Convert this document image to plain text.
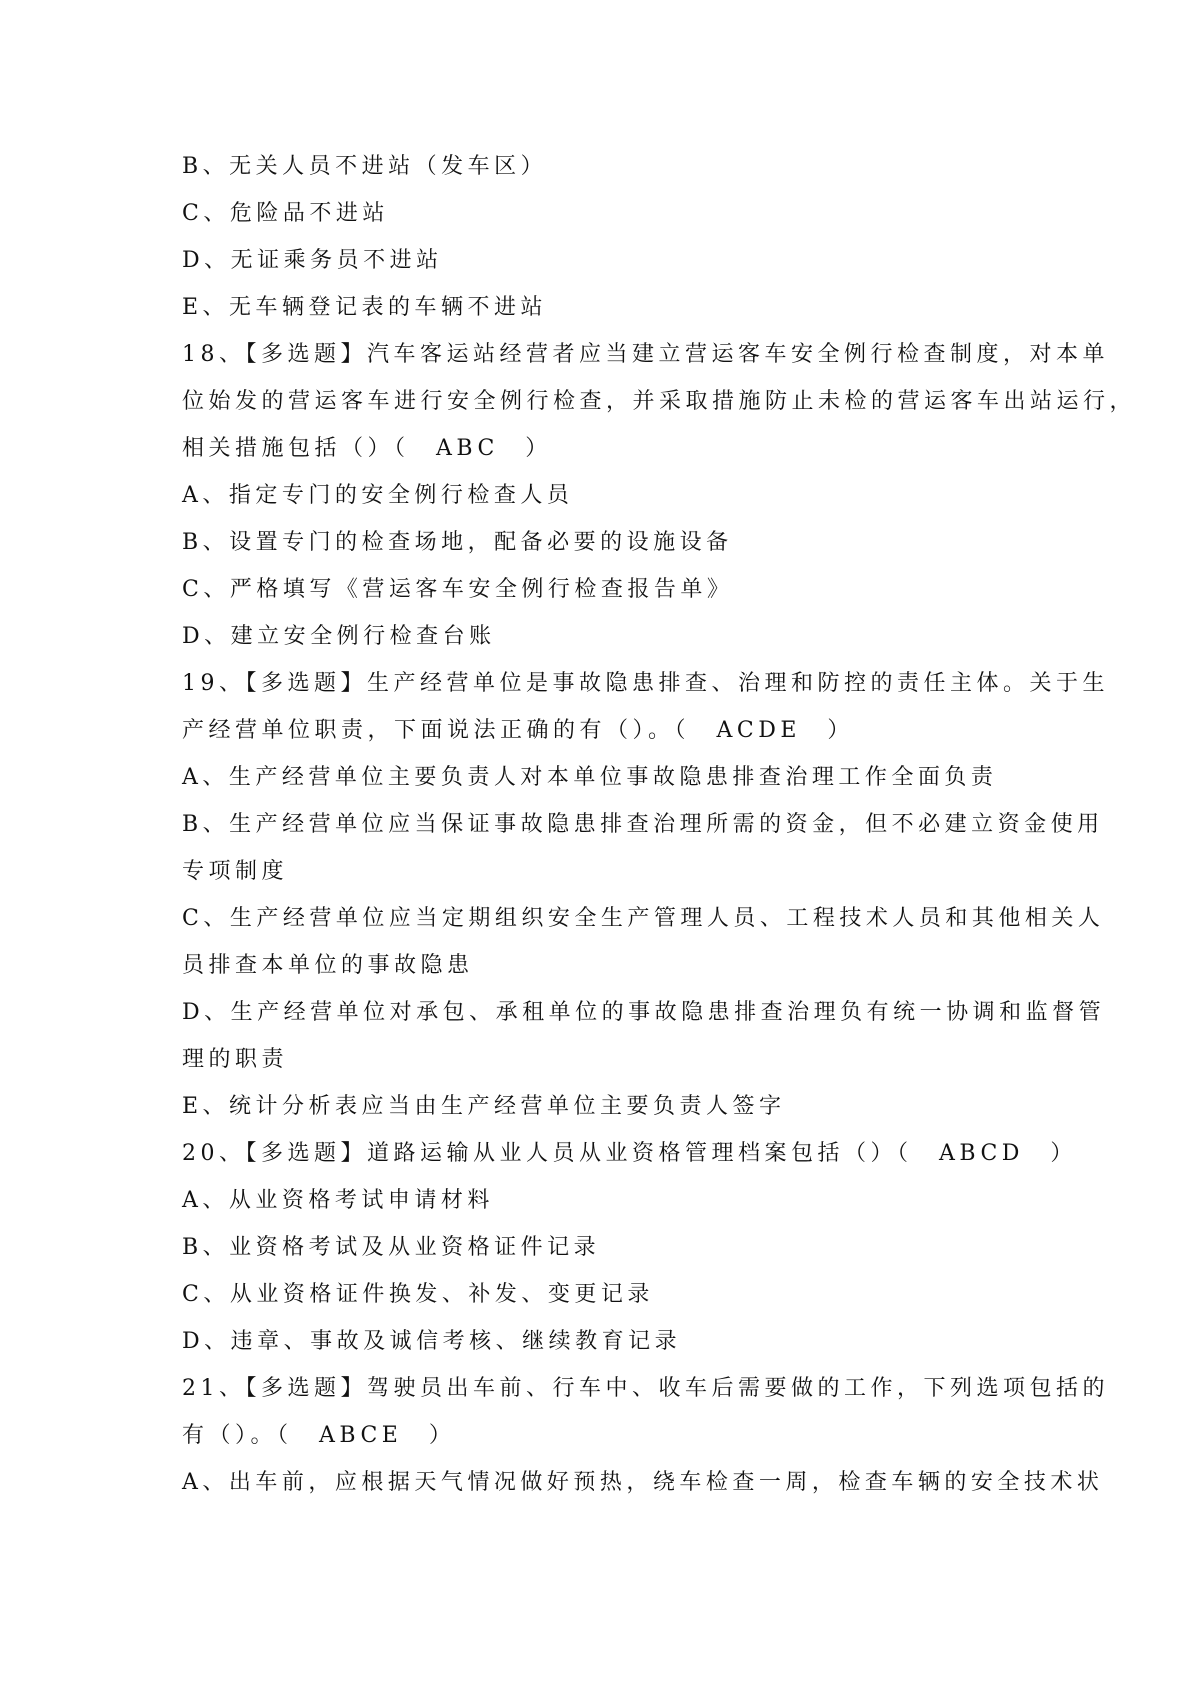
B、无关人员不进站（发车区）
C、危险品不进站
D、无证乘务员不进站
E、无车辆登记表的车辆不进站
18、【多选题】汽车客运站经营者应当建立营运客车安全例行检查制度，对本单
位始发的营运客车进行安全例行检查，并采取措施防止未检的营运客车出站运行，
相关措施包括（）（　ABC　）
A、指定专门的安全例行检查人员
B、设置专门的检查场地，配备必要的设施设备
C、严格填写《营运客车安全例行检查报告单》
D、建立安全例行检查台账
19、【多选题】生产经营单位是事故隐患排查、治理和防控的责任主体。关于生
产经营单位职责，下面说法正确的有（）。（　ACDE　）
A、生产经营单位主要负责人对本单位事故隐患排查治理工作全面负责
B、生产经营单位应当保证事故隐患排查治理所需的资金，但不必建立资金使用
专项制度
C、生产经营单位应当定期组织安全生产管理人员、工程技术人员和其他相关人
员排查本单位的事故隐患
D、生产经营单位对承包、承租单位的事故隐患排查治理负有统一协调和监督管
理的职责
E、统计分析表应当由生产经营单位主要负责人签字
20、【多选题】道路运输从业人员从业资格管理档案包括（）（　ABCD　）
A、从业资格考试申请材料
B、业资格考试及从业资格证件记录
C、从业资格证件换发、补发、变更记录
D、违章、事故及诚信考核、继续教育记录
21、【多选题】驾驶员出车前、行车中、收车后需要做的工作，下列选项包括的
有（）。（　ABCE　）
A、出车前，应根据天气情况做好预热，绕车检查一周，检查车辆的安全技术状
